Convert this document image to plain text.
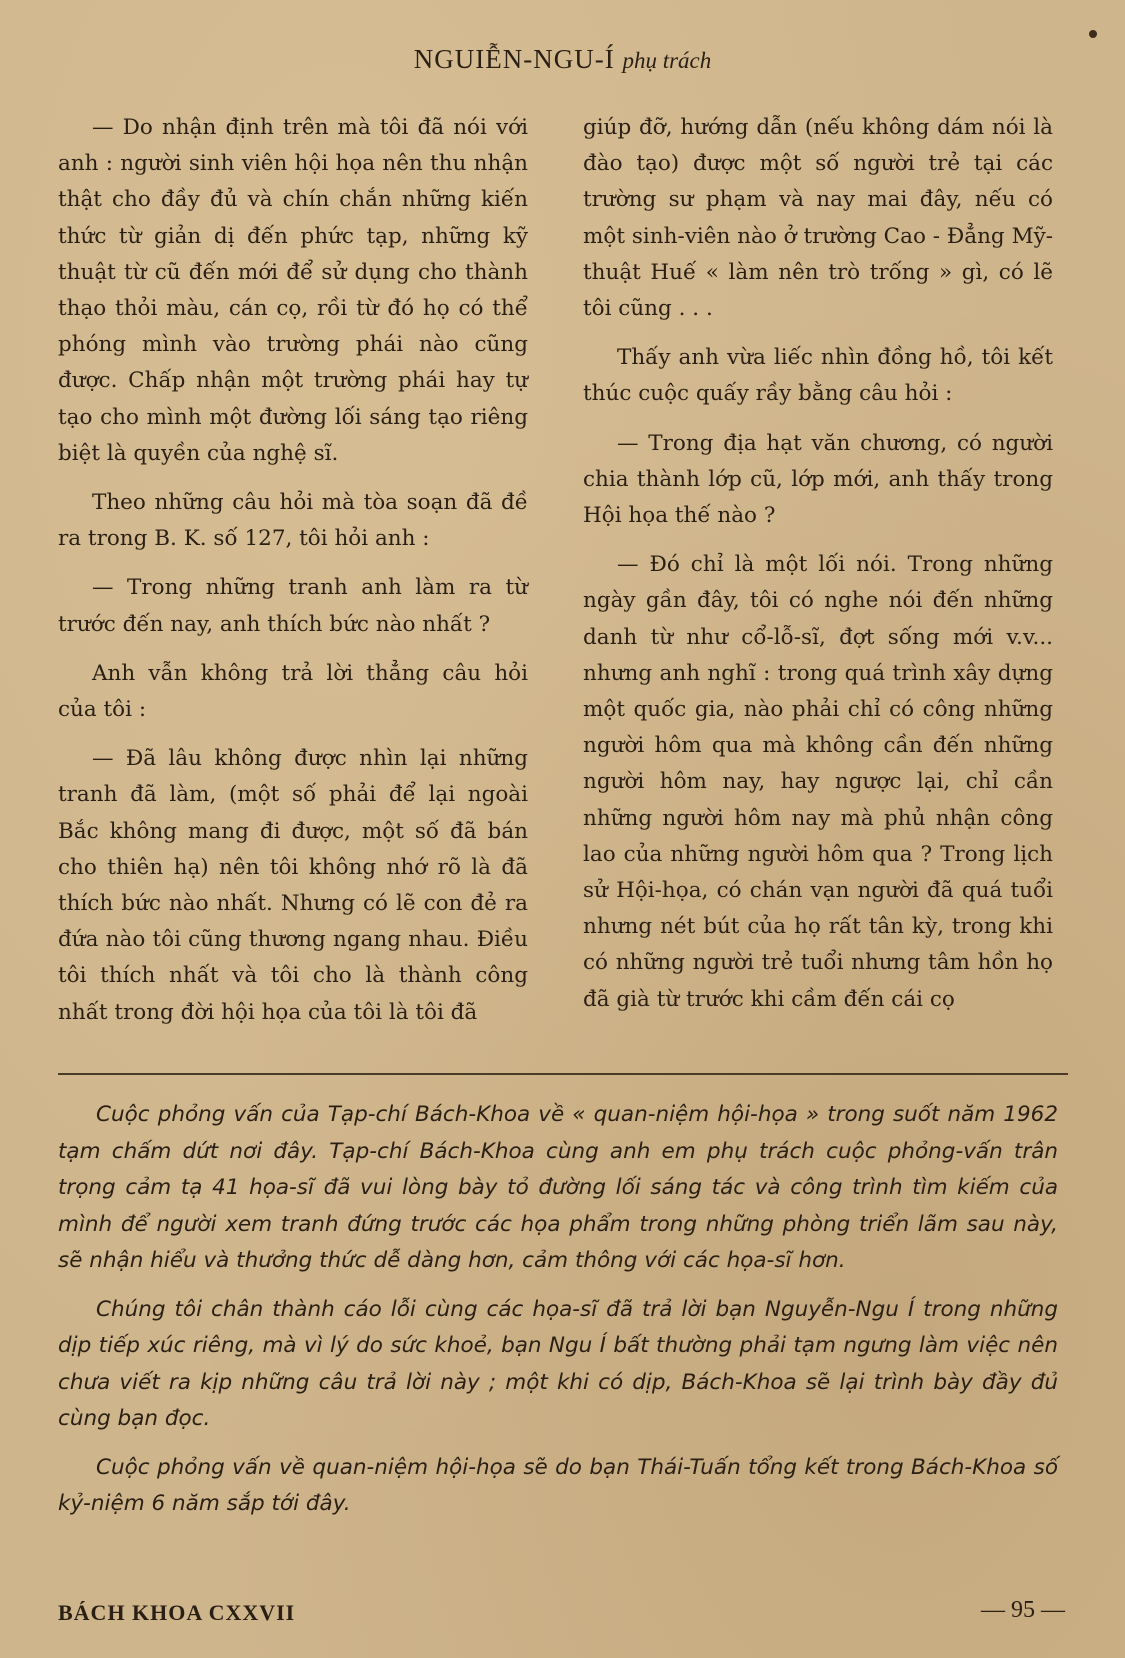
NGUIỄN-NGU-Í phụ trách

— Do nhận định trên mà tôi đã nói với anh : người sinh viên hội họa nên thu nhận thật cho đầy đủ và chín chắn những kiến thức từ giản dị đến phức tạp, những kỹ thuật từ cũ đến mới để sử dụng cho thành thạo thỏi màu, cán cọ, rồi từ đó họ có thể phóng mình vào trường phái nào cũng được. Chấp nhận một trường phái hay tự tạo cho mình một đường lối sáng tạo riêng biệt là quyền của nghệ sĩ.

Theo những câu hỏi mà tòa soạn đã đề ra trong B. K. số 127, tôi hỏi anh :

— Trong những tranh anh làm ra từ trước đến nay, anh thích bức nào nhất ?

Anh vẫn không trả lời thẳng câu hỏi của tôi :

— Đã lâu không được nhìn lại những tranh đã làm, (một số phải để lại ngoài Bắc không mang đi được, một số đã bán cho thiên hạ) nên tôi không nhớ rõ là đã thích bức nào nhất. Nhưng có lẽ con đẻ ra đứa nào tôi cũng thương ngang nhau. Điều tôi thích nhất và tôi cho là thành công nhất trong đời hội họa của tôi là tôi đã

giúp đỡ, hướng dẫn (nếu không dám nói là đào tạo) được một số người trẻ tại các trường sư phạm và nay mai đây, nếu có một sinh-viên nào ở trường Cao - Đẳng Mỹ-thuật Huế « làm nên trò trống » gì, có lẽ tôi cũng . . .

Thấy anh vừa liếc nhìn đồng hồ, tôi kết thúc cuộc quấy rầy bằng câu hỏi :

— Trong địa hạt văn chương, có người chia thành lớp cũ, lớp mới, anh thấy trong Hội họa thế nào ?

— Đó chỉ là một lối nói. Trong những ngày gần đây, tôi có nghe nói đến những danh từ như cổ-lỗ-sĩ, đợt sống mới v.v... nhưng anh nghĩ : trong quá trình xây dựng một quốc gia, nào phải chỉ có công những người hôm qua mà không cần đến những người hôm nay, hay ngược lại, chỉ cần những người hôm nay mà phủ nhận công lao của những người hôm qua ? Trong lịch sử Hội-họa, có chán vạn người đã quá tuổi nhưng nét bút của họ rất tân kỳ, trong khi có những người trẻ tuổi nhưng tâm hồn họ đã già từ trước khi cầm đến cái cọ

Cuộc phỏng vấn của Tạp-chí Bách-Khoa về « quan-niệm hội-họa » trong suốt năm 1962 tạm chấm dứt nơi đây. Tạp-chí Bách-Khoa cùng anh em phụ trách cuộc phỏng-vấn trân trọng cảm tạ 41 họa-sĩ đã vui lòng bày tỏ đường lối sáng tác và công trình tìm kiếm của mình để người xem tranh đứng trước các họa phẩm trong những phòng triển lãm sau này, sẽ nhận hiểu và thưởng thức dễ dàng hơn, cảm thông với các họa-sĩ hơn.

Chúng tôi chân thành cáo lỗi cùng các họa-sĩ đã trả lời bạn Nguyễn-Ngu Í trong những dịp tiếp xúc riêng, mà vì lý do sức khoẻ, bạn Ngu Í bất thường phải tạm ngưng làm việc nên chưa viết ra kịp những câu trả lời này ; một khi có dịp, Bách-Khoa sẽ lại trình bày đầy đủ cùng bạn đọc.

Cuộc phỏng vấn về quan-niệm hội-họa sẽ do bạn Thái-Tuấn tổng kết trong Bách-Khoa số kỷ-niệm 6 năm sắp tới đây.

BÁCH KHOA CXXVII	— 95 —
